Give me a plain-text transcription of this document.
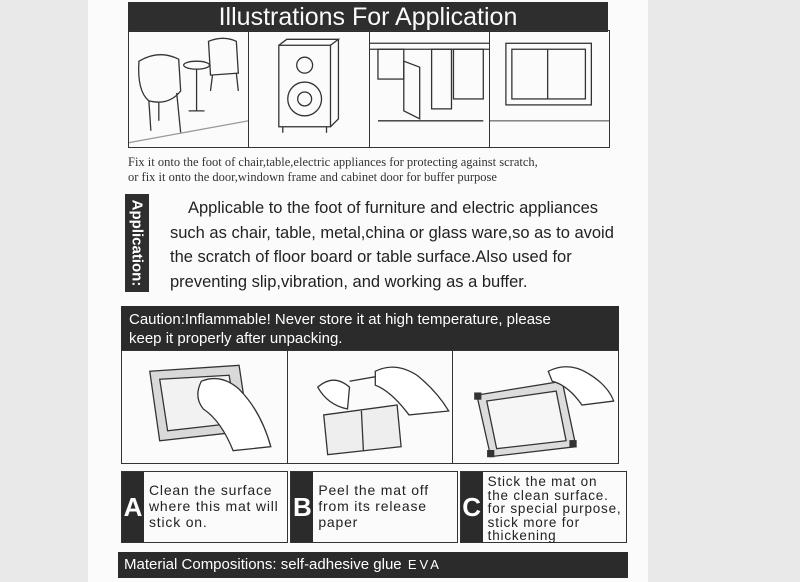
Illustrations For Application
Fix it onto the foot of chair,table,electric appliances for protecting against scratch,
or fix it onto the door,windown frame and cabinet door for buffer purpose
Application:	Applicable to the foot of furniture and electric appliances
such as chair, table, metal,china or glass ware,so as to avoid
the scratch of floor board or table surface.Also used for
preventing slip,vibration, and working as a buffer.
Caution:Inflammable! Never store it at high temperature, please
keep it properly after unpacking.
A
Clean the surface where this mat will stick on.
B
Peel the mat off from its release paper
C
Stick the mat on the clean surface. for special purpose, stick more for thickening
Material Compositions: self-adhesive glue EVA
